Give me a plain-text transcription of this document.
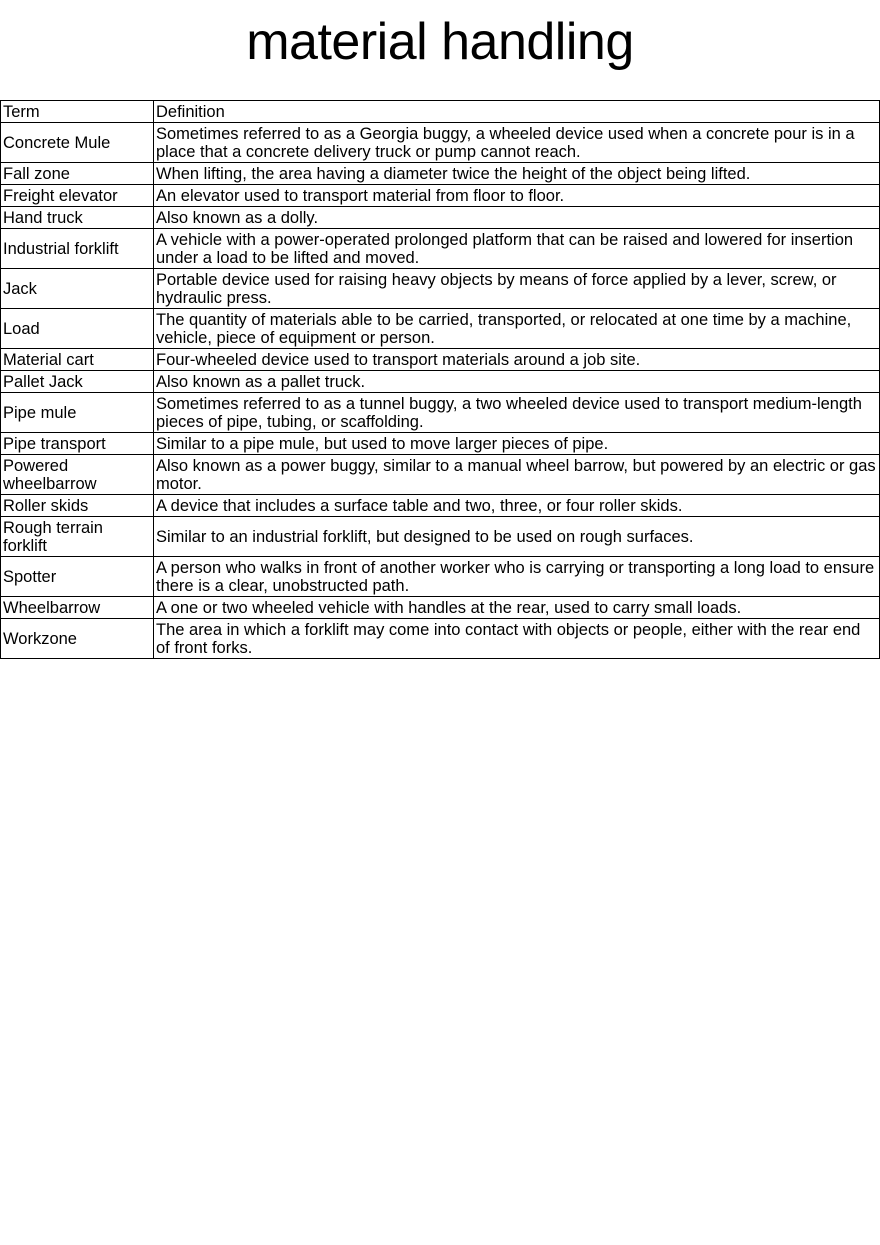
material handling
Term	Definition
Concrete Mule	Sometimes referred to as a Georgia buggy, a wheeled device used when a concrete pour is in a place that a concrete delivery truck or pump cannot reach.
Fall zone	When lifting, the area having a diameter twice the height of the object being lifted.
Freight elevator	An elevator used to transport material from floor to floor.
Hand truck	Also known as a dolly.
Industrial forklift	A vehicle with a power-operated prolonged platform that can be raised and lowered for insertion under a load to be lifted and moved.
Jack	Portable device used for raising heavy objects by means of force applied by a lever, screw, or hydraulic press.
Load	The quantity of materials able to be carried, transported, or relocated at one time by a machine, vehicle, piece of equipment or person.
Material cart	Four-wheeled device used to transport materials around a job site.
Pallet Jack	Also known as a pallet truck.
Pipe mule	Sometimes referred to as a tunnel buggy, a two wheeled device used to transport medium-length pieces of pipe, tubing, or scaffolding.
Pipe transport	Similar to a pipe mule, but used to move larger pieces of pipe.
Powered wheelbarrow	Also known as a power buggy, similar to a manual wheel barrow, but powered by an electric or gas motor.
Roller skids	A device that includes a surface table and two, three, or four roller skids.
Rough terrain forklift	Similar to an industrial forklift, but designed to be used on rough surfaces.
Spotter	A person who walks in front of another worker who is carrying or transporting a long load to ensure there is a clear, unobstructed path.
Wheelbarrow	A one or two wheeled vehicle with handles at the rear, used to carry small loads.
Workzone	The area in which a forklift may come into contact with objects or people, either with the rear end of front forks.
